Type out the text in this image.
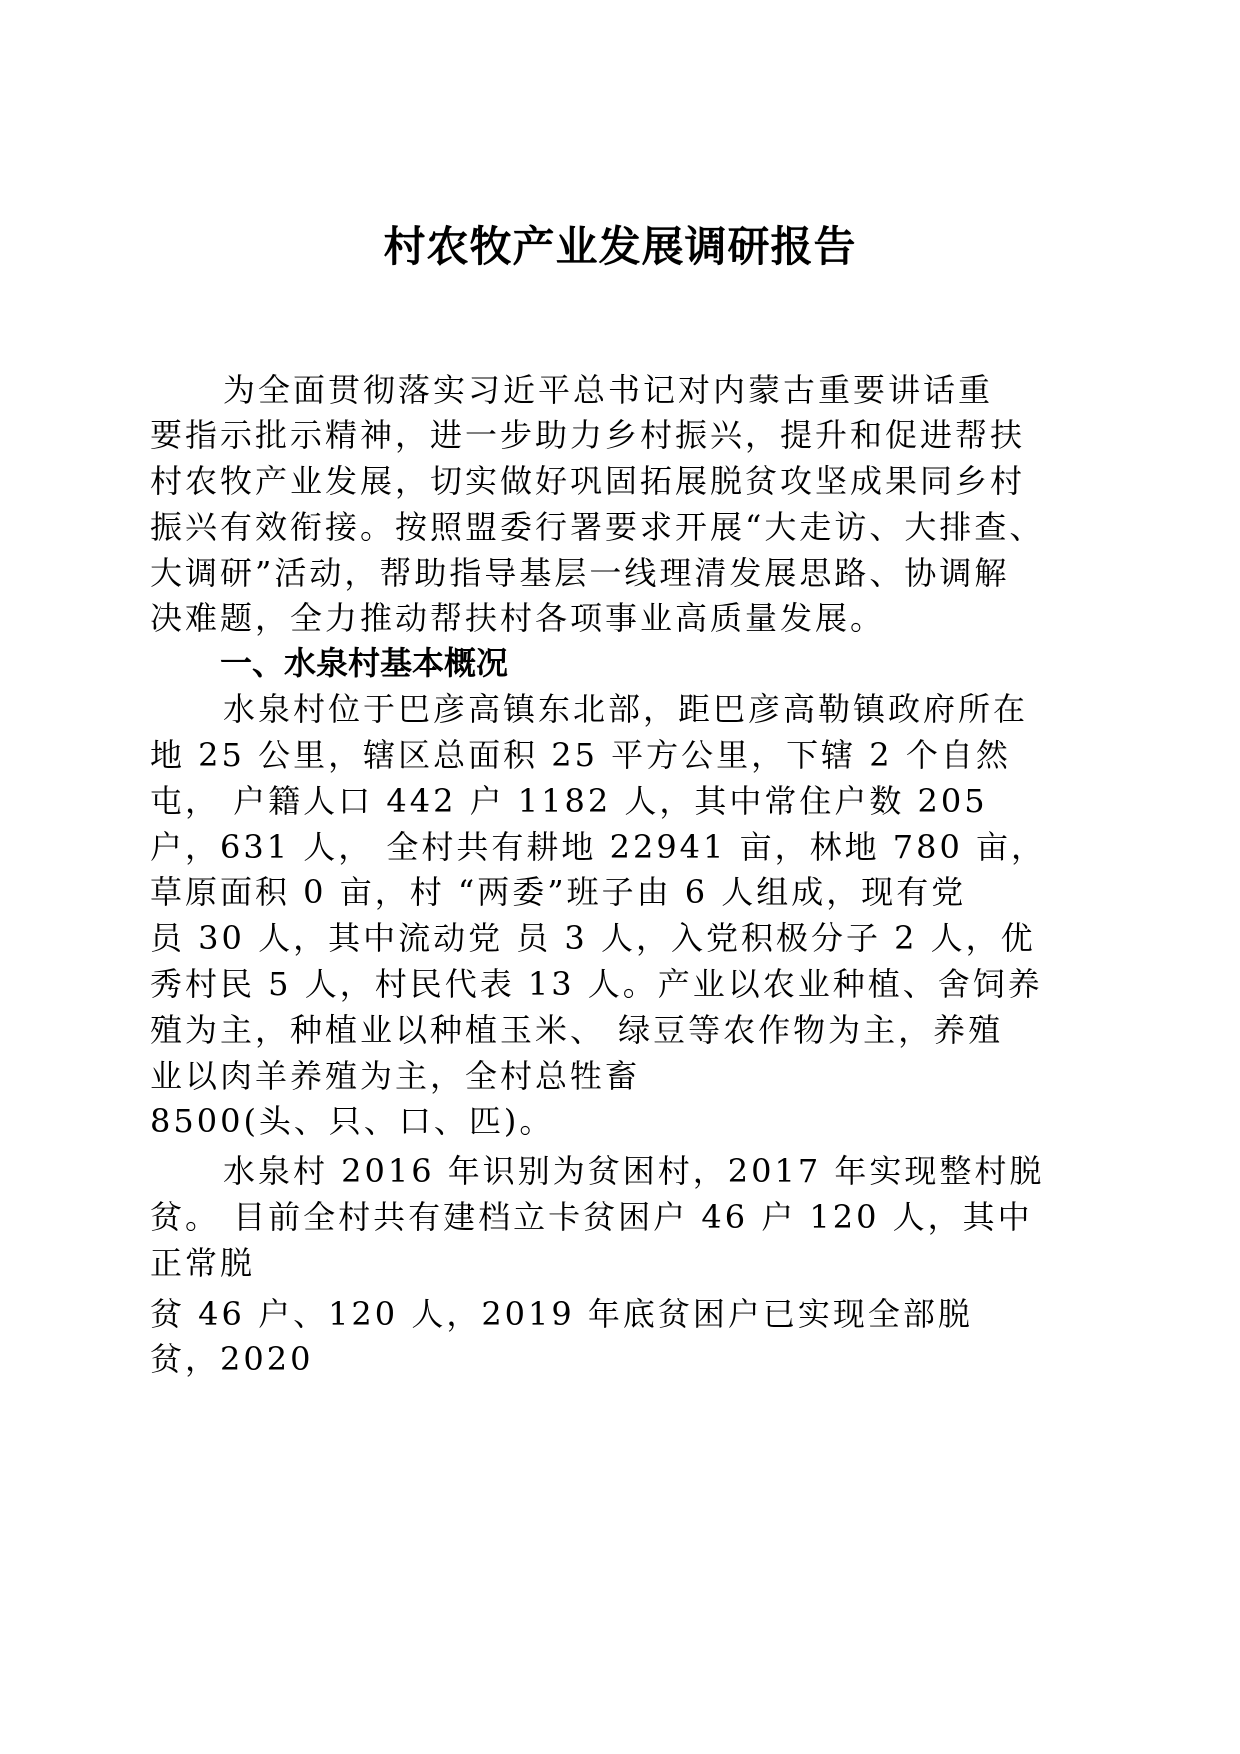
村农牧产业发展调研报告
为全面贯彻落实习近平总书记对内蒙古重要讲话重
要指示批示精神，进一步助力乡村振兴，提升和促进帮扶
村农牧产业发展，切实做好巩固拓展脱贫攻坚成果同乡村
振兴有效衔接。按照盟委行署要求开展“大走访、大排查、
大调研”活动，帮助指导基层一线理清发展思路、协调解
决难题，全力推动帮扶村各项事业高质量发展。
一、水泉村基本概况
水泉村位于巴彦高镇东北部，距巴彦高勒镇政府所在
地 25 公里，辖区总面积 25 平方公里，下辖 2 个自然
屯， 户籍人口 442 户 1182 人，其中常住户数 205
户，631 人， 全村共有耕地 22941 亩，林地 780 亩，
草原面积 0 亩，村 “两委”班子由 6 人组成，现有党
员 30 人，其中流动党 员 3 人，入党积极分子 2 人，优
秀村民 5 人，村民代表 13 人。产业以农业种植、舍饲养
殖为主，种植业以种植玉米、 绿豆等农作物为主，养殖
业以肉羊养殖为主，全村总牲畜
8500(头、只、口、匹)。
水泉村 2016 年识别为贫困村，2017 年实现整村脱
贫。 目前全村共有建档立卡贫困户 46 户 120 人，其中
正常脱
贫 46 户、120 人，2019 年底贫困户已实现全部脱
贫，2020
